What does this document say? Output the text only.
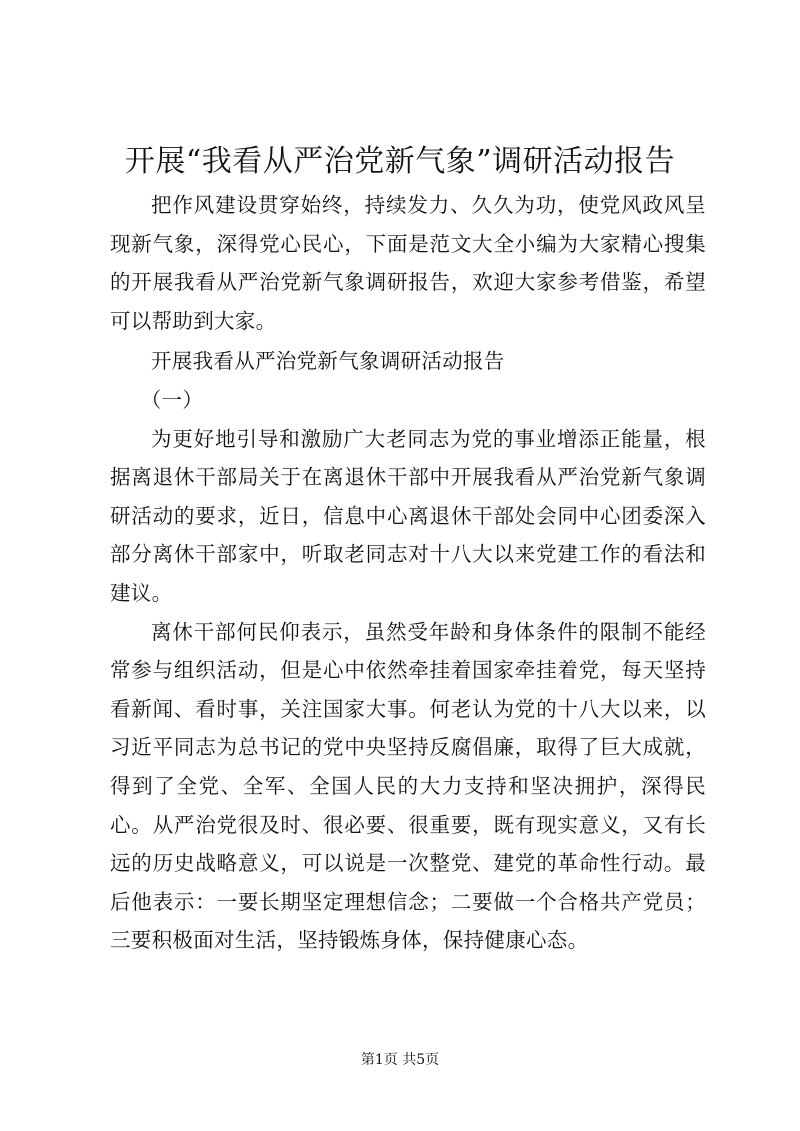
开展“我看从严治党新气象”调研活动报告

把作风建设贯穿始终，持续发力、久久为功，使党风政风呈现新气象，深得党心民心，下面是范文大全小编为大家精心搜集的开展我看从严治党新气象调研报告，欢迎大家参考借鉴，希望可以帮助到大家。

开展我看从严治党新气象调研活动报告

（一）

为更好地引导和激励广大老同志为党的事业增添正能量，根据离退休干部局关于在离退休干部中开展我看从严治党新气象调研活动的要求，近日，信息中心离退休干部处会同中心团委深入部分离休干部家中，听取老同志对十八大以来党建工作的看法和建议。

离休干部何民仰表示，虽然受年龄和身体条件的限制不能经常参与组织活动，但是心中依然牵挂着国家牵挂着党，每天坚持看新闻、看时事，关注国家大事。何老认为党的十八大以来，以习近平同志为总书记的党中央坚持反腐倡廉，取得了巨大成就，得到了全党、全军、全国人民的大力支持和坚决拥护，深得民心。从严治党很及时、很必要、很重要，既有现实意义，又有长远的历史战略意义，可以说是一次整党、建党的革命性行动。最后他表示：一要长期坚定理想信念；二要做一个合格共产党员；三要积极面对生活，坚持锻炼身体，保持健康心态。

第1页 共5页
